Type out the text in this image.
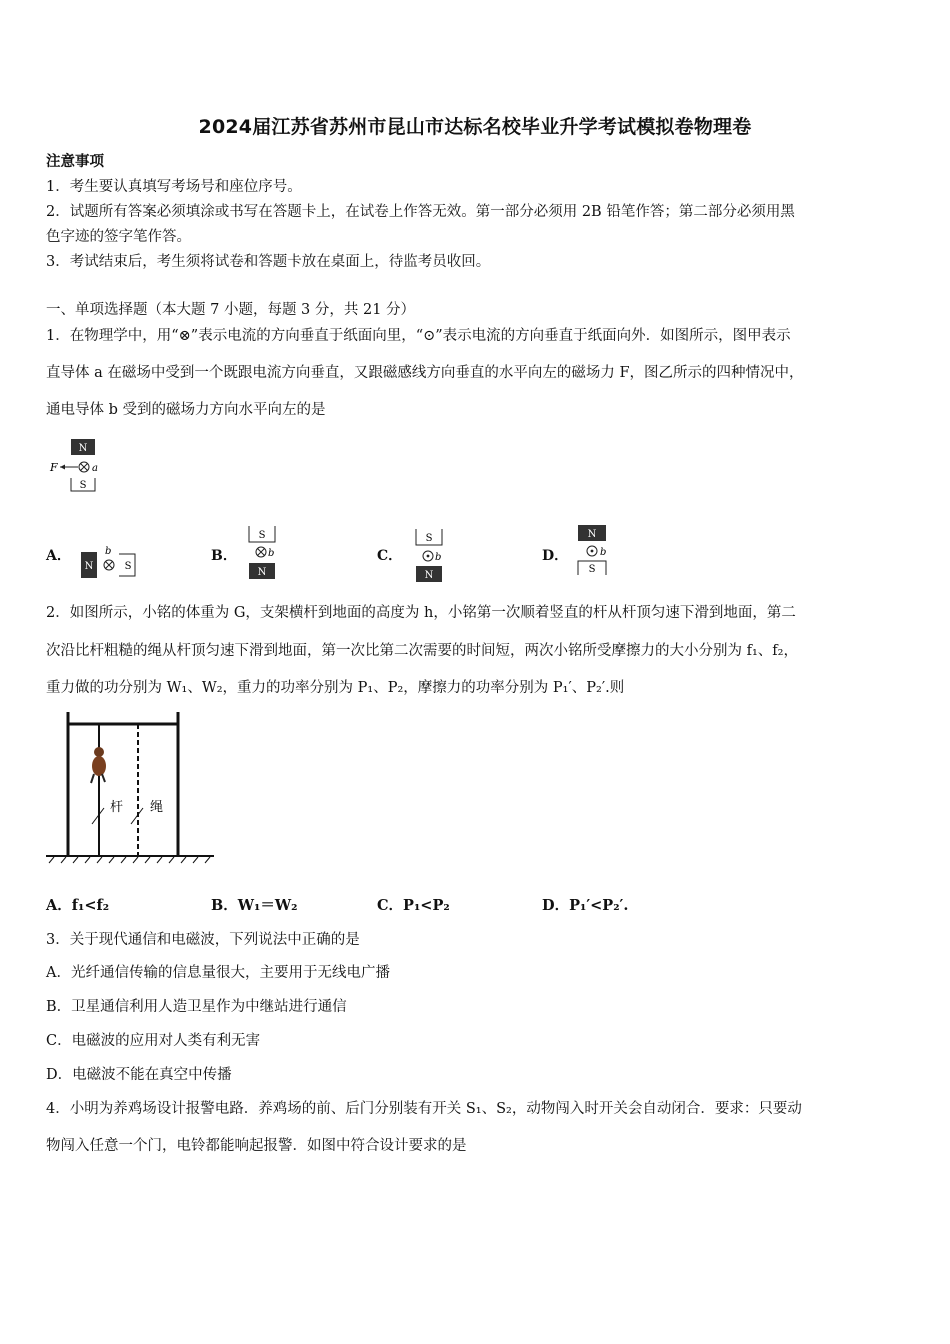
2024届江苏省苏州市昆山市达标名校毕业升学考试模拟卷物理卷
注意事项
1．考生要认真填写考场号和座位序号。
2．试题所有答案必须填涂或书写在答题卡上，在试卷上作答无效。第一部分必须用 2B 铅笔作答；第二部分必须用黑
色字迹的签字笔作答。
3．考试结束后，考生须将试卷和答题卡放在桌面上，待监考员收回。
一、单项选择题（本大题 7 小题，每题 3 分，共 21 分）
1．在物理学中，用“⊗”表示电流的方向垂直于纸面向里，“⊙”表示电流的方向垂直于纸面向外．如图所示，图甲表示
直导体 a 在磁场中受到一个既跟电流方向垂直，又跟磁感线方向垂直的水平向左的磁场力 F，图乙所示的四种情况中，
通电导体 b 受到的磁场力方向水平向左的是
N
F	a
S
A．
N
b
S
B．
S
b
N
C．
S
b
N
D．
N
b
S
2．如图所示，小铭的体重为 G，支架横杆到地面的高度为 h，小铭第一次顺着竖直的杆从杆顶匀速下滑到地面，第二
次沿比杆粗糙的绳从杆顶匀速下滑到地面，第一次比第二次需要的时间短，两次小铭所受摩擦力的大小分别为 f₁、f₂，
重力做的功分别为 W₁、W₂，重力的功率分别为 P₁、P₂，摩擦力的功率分别为 P₁′、P₂′.则
杆 绳
A．f₁<f₂	B．W₁＝W₂	C．P₁<P₂	D．P₁′<P₂′.
3．关于现代通信和电磁波，下列说法中正确的是
A．光纤通信传输的信息量很大，主要用于无线电广播
B．卫星通信利用人造卫星作为中继站进行通信
C．电磁波的应用对人类有利无害
D．电磁波不能在真空中传播
4．小明为养鸡场设计报警电路．养鸡场的前、后门分别装有开关 S₁、S₂，动物闯入时开关会自动闭合．要求：只要动
物闯入任意一个门，电铃都能响起报警．如图中符合设计要求的是
